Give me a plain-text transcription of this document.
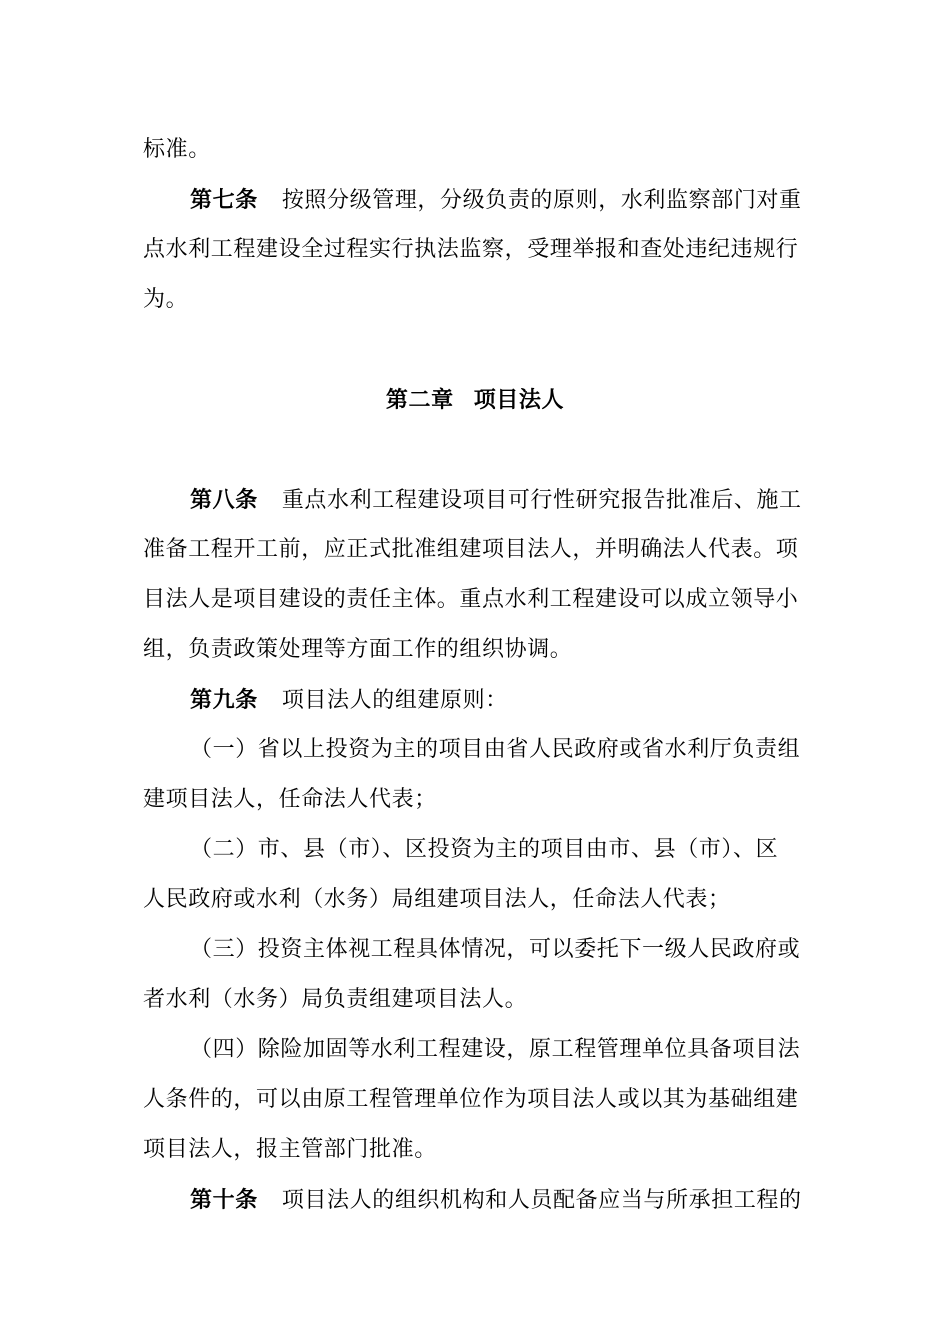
标准。
第七条 按照分级管理，分级负责的原则，水利监察部门对重
点水利工程建设全过程实行执法监察，受理举报和查处违纪违规行
为。
第二章 项目法人
第八条 重点水利工程建设项目可行性研究报告批准后、施工
准备工程开工前，应正式批准组建项目法人，并明确法人代表。项
目法人是项目建设的责任主体。重点水利工程建设可以成立领导小
组，负责政策处理等方面工作的组织协调。
第九条 项目法人的组建原则：
（一）省以上投资为主的项目由省人民政府或省水利厅负责组
建项目法人，任命法人代表；
（二）市、县（市）、区投资为主的项目由市、县（市）、区
人民政府或水利（水务）局组建项目法人，任命法人代表；
（三）投资主体视工程具体情况，可以委托下一级人民政府或
者水利（水务）局负责组建项目法人。
（四）除险加固等水利工程建设，原工程管理单位具备项目法
人条件的，可以由原工程管理单位作为项目法人或以其为基础组建
项目法人，报主管部门批准。
第十条 项目法人的组织机构和人员配备应当与所承担工程的
